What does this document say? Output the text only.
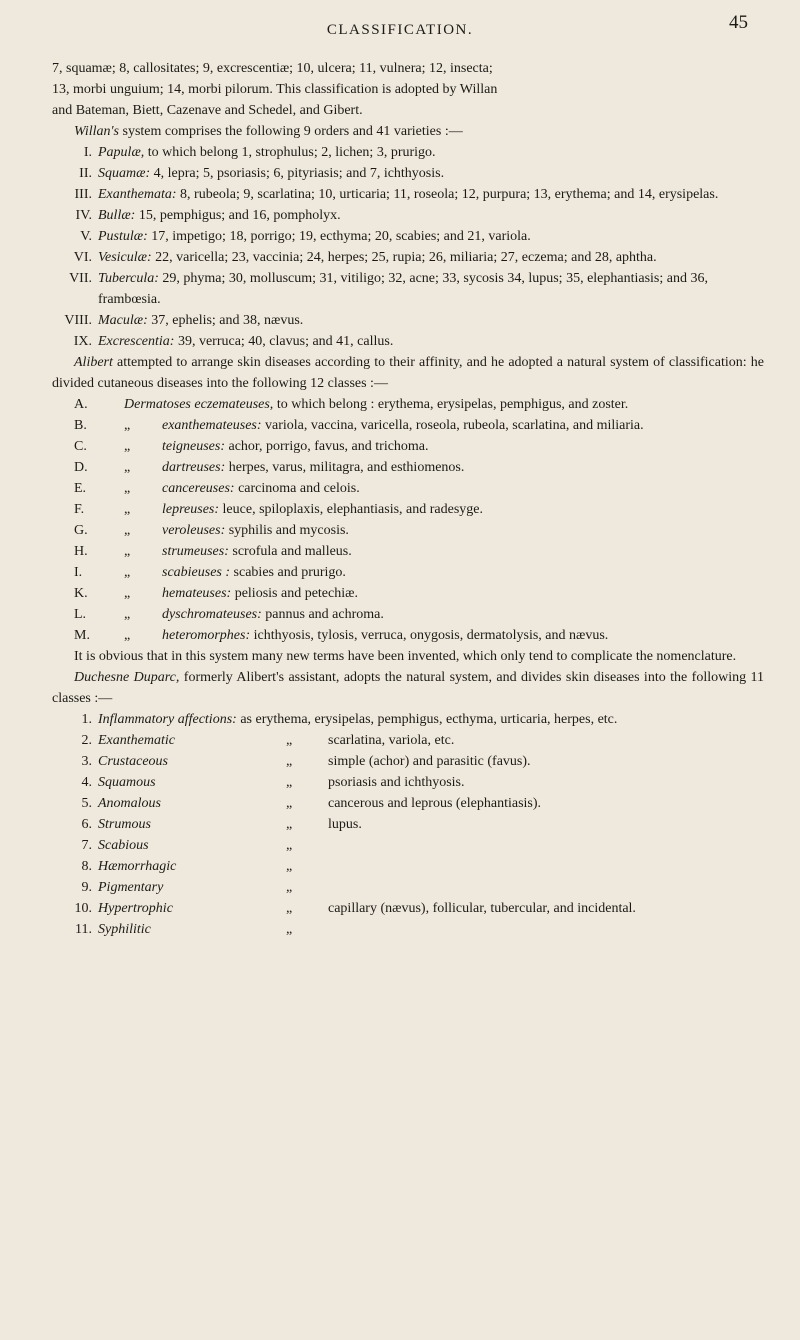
CLASSIFICATION.	45

7, squamæ; 8, callositates; 9, excrescentiæ; 10, ulcera; 11, vulnera; 12, insecta;

13, morbi unguium; 14, morbi pilorum. This classification is adopted by Willan

and Bateman, Biett, Cazenave and Schedel, and Gibert.

Willan's system comprises the following 9 orders and 41 varieties :—

I. Papulæ, to which belong 1, strophulus; 2, lichen; 3, prurigo.
II. Squamæ: 4, lepra; 5, psoriasis; 6, pityriasis; and 7, ichthyosis.
III. Exanthemata: 8, rubeola; 9, scarlatina; 10, urticaria; 11, roseola; 12, purpura; 13, erythema; and 14, erysipelas.
IV. Bullæ: 15, pemphigus; and 16, pompholyx.
V. Pustulæ: 17, impetigo; 18, porrigo; 19, ecthyma; 20, scabies; and 21, variola.
VI. Vesiculæ: 22, varicella; 23, vaccinia; 24, herpes; 25, rupia; 26, miliaria; 27, eczema; and 28, aphtha.
VII. Tubercula: 29, phyma; 30, molluscum; 31, vitiligo; 32, acne; 33, sycosis 34, lupus; 35, elephantiasis; and 36, frambœsia.
VIII. Maculæ: 37, ephelis; and 38, nævus.
IX. Excrescentia: 39, verruca; 40, clavus; and 41, callus.

Alibert attempted to arrange skin diseases according to their affinity, and he adopted a natural system of classification: he divided cutaneous diseases into the following 12 classes :—

A.	Dermatoses eczemateuses, to which belong : erythema, erysipelas, pemphigus, and zoster.
B.	„	exanthemateuses: variola, vaccina, varicella, roseola, rubeola, scarlatina, and miliaria.
C.	„	teigneuses: achor, porrigo, favus, and trichoma.
D.	„	dartreuses: herpes, varus, militagra, and esthiomenos.
E.	„	cancereuses: carcinoma and celois.
F.	„	lepreuses: leuce, spiloplaxis, elephantiasis, and radesyge.
G.	„	veroleuses: syphilis and mycosis.
H.	„	strumeuses: scrofula and malleus.
I.	„	scabieuses : scabies and prurigo.
K.	„	hemateuses: peliosis and petechiæ.
L.	„	dyschromateuses: pannus and achroma.
M.	„	heteromorphes: ichthyosis, tylosis, verruca, onygosis, dermatolysis, and nævus.

It is obvious that in this system many new terms have been invented, which only tend to complicate the nomenclature.

Duchesne Duparc, formerly Alibert's assistant, adopts the natural system, and divides skin diseases into the following 11 classes :—

1. Inflammatory affections: as erythema, erysipelas, pemphigus, ecthyma, urticaria, herpes, etc.
2. Exanthematic	„	scarlatina, variola, etc.
3. Crustaceous	„	simple (achor) and parasitic (favus).
4. Squamous	„	psoriasis and ichthyosis.
5. Anomalous	„	cancerous and leprous (elephantiasis).
6. Strumous	„	lupus.
7. Scabious	„
8. Hæmorrhagic	„
9. Pigmentary	„
10. Hypertrophic	„	capillary (nævus), follicular, tubercular, and incidental.
11. Syphilitic	„
